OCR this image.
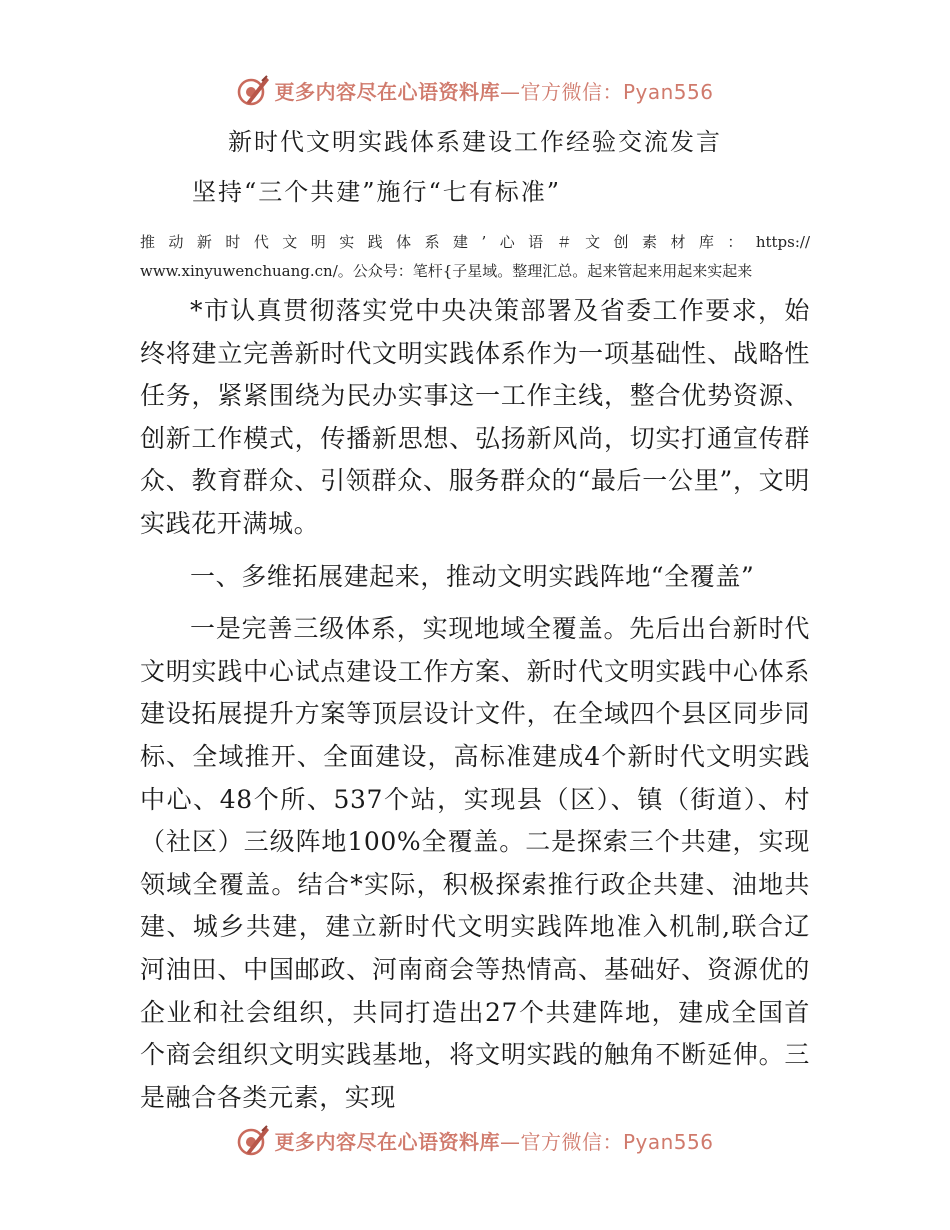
更多内容尽在心语资料库—官方微信：Pyan556
新时代文明实践体系建设工作经验交流发言
坚持“三个共建”施行“七有标准”
推动新时代文明实践体系建’心语＃文创素材库：https://
www.xinyuwenchuang.cn/。公众号：笔杆{子星域。整理汇总。起来管起来用起来实起来

*市认真贯彻落实党中央决策部署及省委工作要求，始终将建立完善新时代文明实践体系作为一项基础性、战略性任务，紧紧围绕为民办实事这一工作主线，整合优势资源、创新工作模式，传播新思想、弘扬新风尚，切实打通宣传群众、教育群众、引领群众、服务群众的“最后一公里”，文明实践花开满城。

一、多维拓展建起来，推动文明实践阵地“全覆盖”

一是完善三级体系，实现地域全覆盖。先后出台新时代文明实践中心试点建设工作方案、新时代文明实践中心体系建设拓展提升方案等顶层设计文件，在全域四个县区同步同标、全域推开、全面建设，高标准建成4个新时代文明实践中心、48个所、537个站，实现县（区）、镇（街道）、村（社区）三级阵地100%全覆盖。二是探索三个共建，实现领域全覆盖。结合*实际，积极探索推行政企共建、油地共建、城乡共建，建立新时代文明实践阵地准入机制,联合辽河油田、中国邮政、河南商会等热情高、基础好、资源优的企业和社会组织，共同打造出27个共建阵地，建成全国首个商会组织文明实践基地，将文明实践的触角不断延伸。三是融合各类元素，实现

更多内容尽在心语资料库—官方微信：Pyan556
